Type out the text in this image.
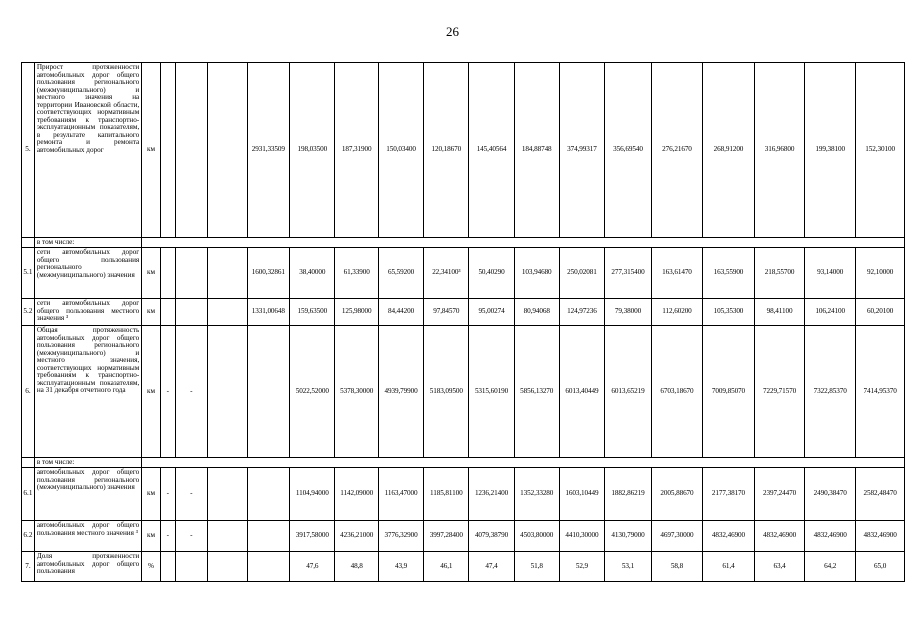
26
5.	Прирост протяженности автомобильных дорог общего пользования регионального (межмуниципального) и местного значения на территории Ивановской области, соответствующих нормативным требованиям к транспортно-эксплуатационным показателям, в результате капитального ремонта и ремонта автомобильных дорог	км				2931,33509	198,03500	187,31900	150,03400	120,18670	145,40564	184,88748	374,99317	356,69540	276,21670	268,91200	316,96800	199,38100	152,30100
	в том числе:																		
5.1	сети автомобильных дорог общего пользования регионального (межмуниципального) значения	км				1600,32861	38,40000	61,33900	65,59200	22,34100³	50,40290	103,94680	250,02081	277,315400	163,61470	163,55900	218,55700	93,14000	92,10000
5.2	сети автомобильных дорог общего пользования местного значения ³	км				1331,00648	159,63500	125,98000	84,44200	97,84570	95,00274	80,94068	124,97236	79,38000	112,60200	105,35300	98,41100	106,24100	60,20100
6.	Общая протяженность автомобильных дорог общего пользования регионального (межмуниципального) и местного значения, соответствующих нормативным требованиям к транспортно-эксплуатационным показателям, на 31 декабря отчетного года	км	-	-			5022,52000	5378,30000	4939,79900	5183,09500	5315,60190	5856,13270	6013,40449	6013,65219	6703,18670	7009,85070	7229,71570	7322,85370	7414,95370
	в том числе:																		
6.1	автомобильных дорог общего пользования регионального (межмуниципального) значения	км	-	-			1104,94000	1142,09000	1163,47000	1185,81100	1236,21400	1352,33280	1603,10449	1882,86219	2005,88670	2177,38170	2397,24470	2490,38470	2582,48470
6.2	автомобильных дорог общего пользования местного значения ³	км	-	-			3917,58000	4236,21000	3776,32900	3997,28400	4079,38790	4503,80000	4410,30000	4130,79000	4697,30000	4832,46900	4832,46900	4832,46900	4832,46900
7.	Доля протяженности автомобильных дорог общего пользования	%					47,6	48,8	43,9	46,1	47,4	51,8	52,9	53,1	58,8	61,4	63,4	64,2	65,0
